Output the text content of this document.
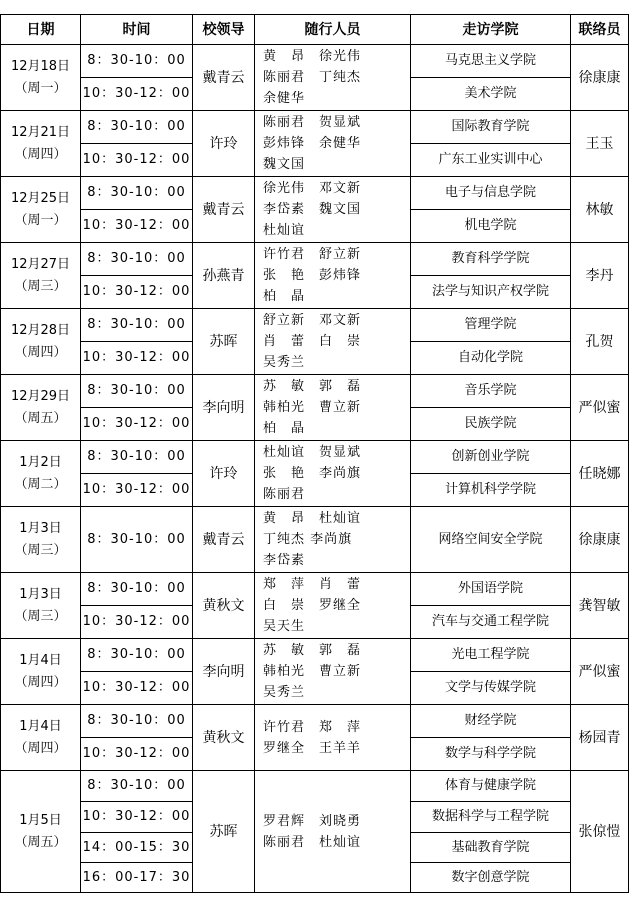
日期	时间	校领导	随行人员	走访学院	联络员
12月18日
（周一）	8：30-10：00	戴青云	黄　昂　徐光伟
陈丽君　丁纯杰
余健华	马克思主义学院	徐康康
	10：30-12：00			美术学院	
12月21日
（周四）	8：30-10：00	许玲	陈丽君　贺显斌
彭炜锋　余健华
魏文国	国际教育学院	王玉
	10：30-12：00			广东工业实训中心	
12月25日
（周一）	8：30-10：00	戴青云	徐光伟　邓文新
李岱素　魏文国
杜灿谊	电子与信息学院	林敏
	10：30-12：00			机电学院	
12月27日
（周三）	8：30-10：00	孙燕青	许竹君　舒立新
张　艳　彭炜锋
柏　晶	教育科学学院	李丹
	10：30-12：00			法学与知识产权学院	
12月28日
（周四）	8：30-10：00	苏晖	舒立新　邓文新
肖　蕾　白　崇
吴秀兰	管理学院	孔贺
	10：30-12：00			自动化学院	
12月29日
（周五）	8：30-10：00	李向明	苏　敏　郭　磊
韩柏光　曹立新
柏　晶	音乐学院	严似蜜
	10：30-12：00			民族学院	
1月2日
（周二）	8：30-10：00	许玲	杜灿谊　贺显斌
张　艳　李尚旗
陈丽君	创新创业学院	任晓娜
	10：30-12：00			计算机科学学院	
1月3日
（周三）	8：30-10：00	戴青云	黄　昂　杜灿谊
丁纯杰 李尚旗
李岱素	网络空间安全学院	徐康康
1月3日
（周三）	8：30-10：00	黄秋文	郑　萍　肖　蕾
白　崇　罗继全
吴天生	外国语学院	龚智敏
	10：30-12：00			汽车与交通工程学院	
1月4日
（周四）	8：30-10：00	李向明	苏　敏　郭　磊
韩柏光　曹立新
吴秀兰	光电工程学院	严似蜜
	10：30-12：00			文学与传媒学院	
1月4日
（周四）	8：30-10：00	黄秋文	许竹君　郑　萍
罗继全　王羊羊	财经学院	杨园青
	10：30-12：00			数学与科学学院	
1月5日
（周五）	8：30-10：00	苏晖	罗君辉　刘晓勇
陈丽君　杜灿谊	体育与健康学院	张倞愷
	10：30-12：00			数据科学与工程学院	
	14：00-15：30			基础教育学院	
	16：00-17：30			数字创意学院	
